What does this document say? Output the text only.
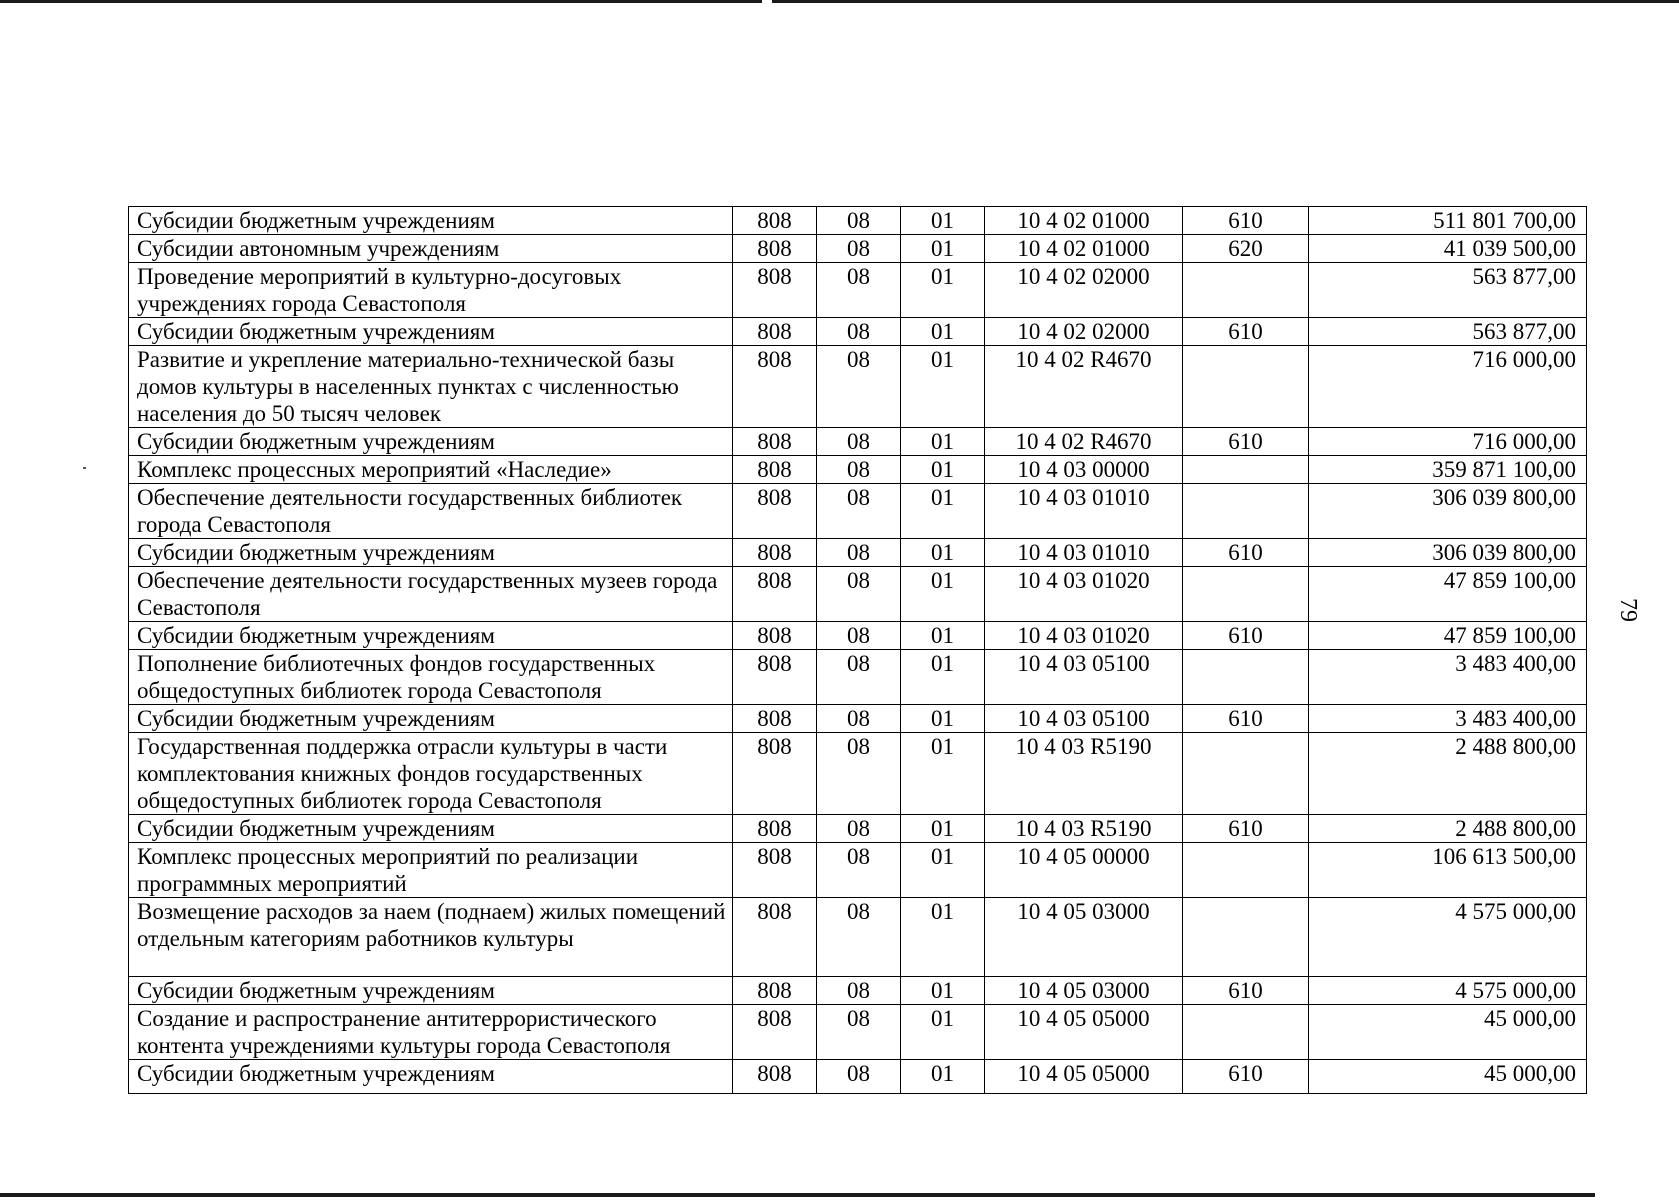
79
Субсидии бюджетным учреждениям	808	08	01	10 4 02 01000	610	511 801 700,00
Субсидии автономным учреждениям	808	08	01	10 4 02 01000	620	41 039 500,00
Проведение мероприятий в культурно-досуговых учреждениях города Севастополя	808	08	01	10 4 02 02000		563 877,00
Субсидии бюджетным учреждениям	808	08	01	10 4 02 02000	610	563 877,00
Развитие и укрепление материально-технической базы домов культуры в населенных пунктах с численностью населения до 50 тысяч человек	808	08	01	10 4 02 R4670		716 000,00
Субсидии бюджетным учреждениям	808	08	01	10 4 02 R4670	610	716 000,00
Комплекс процессных мероприятий «Наследие»	808	08	01	10 4 03 00000		359 871 100,00
Обеспечение деятельности государственных библиотек города Севастополя	808	08	01	10 4 03 01010		306 039 800,00
Субсидии бюджетным учреждениям	808	08	01	10 4 03 01010	610	306 039 800,00
Обеспечение деятельности государственных музеев города Севастополя	808	08	01	10 4 03 01020		47 859 100,00
Субсидии бюджетным учреждениям	808	08	01	10 4 03 01020	610	47 859 100,00
Пополнение библиотечных фондов государственных общедоступных библиотек города Севастополя	808	08	01	10 4 03 05100		3 483 400,00
Субсидии бюджетным учреждениям	808	08	01	10 4 03 05100	610	3 483 400,00
Государственная поддержка отрасли культуры в части комплектования книжных фондов государственных общедоступных библиотек города Севастополя	808	08	01	10 4 03 R5190		2 488 800,00
Субсидии бюджетным учреждениям	808	08	01	10 4 03 R5190	610	2 488 800,00
Комплекс процессных мероприятий по реализации программных мероприятий	808	08	01	10 4 05 00000		106 613 500,00
Возмещение расходов за наем (поднаем) жилых помещений отдельным категориям работников культуры	808	08	01	10 4 05 03000		4 575 000,00
Субсидии бюджетным учреждениям	808	08	01	10 4 05 03000	610	4 575 000,00
Создание и распространение антитеррористического контента учреждениями культуры города Севастополя	808	08	01	10 4 05 05000		45 000,00
Субсидии бюджетным учреждениям	808	08	01	10 4 05 05000	610	45 000,00
